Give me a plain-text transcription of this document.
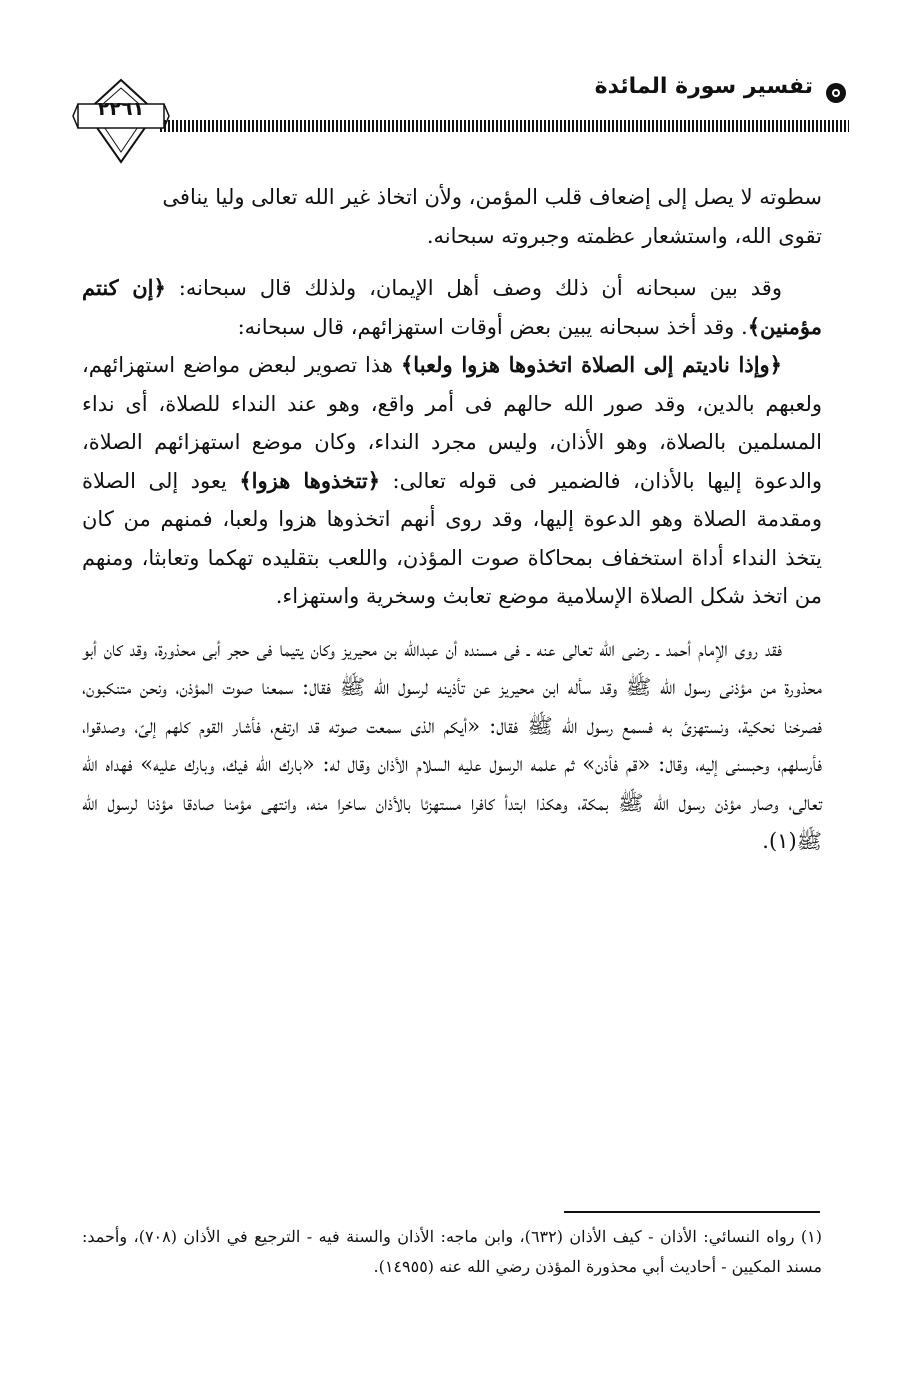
تفسير سورة المائدة
٢٢٦١

سطوته لا يصل إلى إضعاف قلب المؤمن، ولأن اتخاذ غير الله تعالى وليا ينافى
تقوى الله، واستشعار عظمته وجبروته سبحانه.

وقد بين سبحانه أن ذلك وصف أهل الإيمان، ولذلك قال سبحانه: ﴿إن كنتم مؤمنين﴾. وقد أخذ سبحانه يبين بعض أوقات استهزائهم، قال سبحانه:

﴿وإذا ناديتم إلى الصلاة اتخذوها هزوا ولعبا﴾ هذا تصوير لبعض مواضع استهزائهم، ولعبهم بالدين، وقد صور الله حالهم فى أمر واقع، وهو عند النداء للصلاة، أى نداء المسلمين بالصلاة، وهو الأذان، وليس مجرد النداء، وكان موضع استهزائهم الصلاة، والدعوة إليها بالأذان، فالضمير فى قوله تعالى: ﴿تتخذوها هزوا﴾ يعود إلى الصلاة ومقدمة الصلاة وهو الدعوة إليها، وقد روى أنهم اتخذوها هزوا ولعبا، فمنهم من كان يتخذ النداء أداة استخفاف بمحاكاة صوت المؤذن، واللعب بتقليده تهكما وتعابثا، ومنهم من اتخذ شكل الصلاة الإسلامية موضع تعابث وسخرية واستهزاء.

فقد روى الإمام أحمد ـ رضى الله تعالى عنه ـ فى مسنده أن عبدالله بن محيريز وكان يتيما فى حجر أبى محذورة، وقد كان أبو محذورة من مؤذنى رسول الله ﷺ وقد سأله ابن محيريز عن تأذينه لرسول الله ﷺ فقال: سمعنا صوت المؤذن، ونحن متنكبون، فصرخنا نحكية، ونستهزئ به فسمع رسول الله ﷺ فقال: «أيكم الذى سمعت صوته قد ارتفع، فأشار القوم كلهم إلىّ، وصدقوا، فأرسلهم، وحبسنى إليه، وقال: «قم فأذن» ثم علمه الرسول عليه السلام الأذان وقال له: «بارك الله فيك، وبارك عليه» فهداه الله تعالى، وصار مؤذن رسول الله ﷺ بمكة، وهكذا ابتدأ كافرا مستهزئا بالأذان ساخرا منه، وانتهى مؤمنا صادقا مؤذنا لرسول الله ﷺ(١).

(١) رواه النسائي: الأذان - كيف الأذان (٦٣٢)، وابن ماجه: الأذان والسنة فيه - الترجيع في الأذان (٧٠٨)، وأحمد: مسند المكيين - أحاديث أبي محذورة المؤذن رضي الله عنه (١٤٩٥٥).
